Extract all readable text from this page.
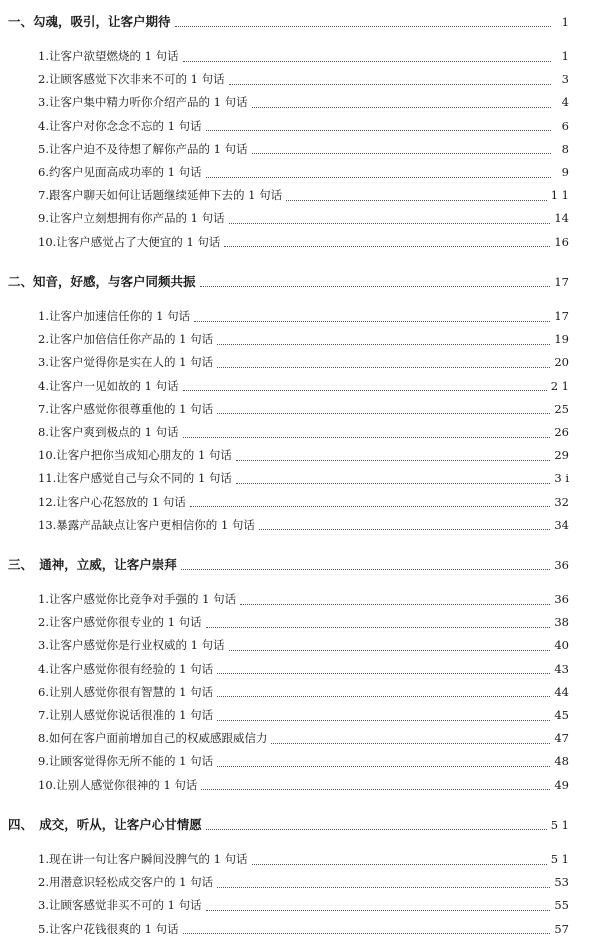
一、勾魂，吸引，让客户期待	1
1.让客户欲望燃烧的 1 句话	1
2.让顾客感觉下次非来不可的 1 句话	3
3.让客户集中精力听你介绍产品的 1 句话	4
4.让客户对你念念不忘的 1 句话	6
5.让客户迫不及待想了解你产品的 1 句话	8
6.约客户见面高成功率的 1 句话	9
7.跟客户聊天如何让话题继续延伸下去的 1 句话	1 1
9.让客户立刻想拥有你产品的 1 句话	14
10.让客户感觉占了大便宜的 1 句话	16
二、知音，好感，与客户同频共振	17
1.让客户加速信任你的 1 句话	17
2.让客户加倍信任你产品的 1 句话	19
3.让客户觉得你是实在人的 1 句话	20
4.让客户一见如故的 1 句话	2 1
7.让客户感觉你很尊重他的 1 句话	25
8.让客户爽到极点的 1 句话	26
10.让客户把你当成知心朋友的 1 句话	29
11.让客户感觉自己与众不同的 1 句话	3 i
12.让客户心花怒放的 1 句话	32
13.暴露产品缺点让客户更相信你的 1 句话	34
三、　通神，立威，让客户崇拜	36
1.让客户感觉你比竞争对手强的 1 句话	36
2.让客户感觉你很专业的 1 句话	38
3.让客户感觉你是行业权威的 1 句话	40
4.让客户感觉你很有经验的 1 句话	43
6.让别人感觉你很有智慧的 1 句话	44
7.让别人感觉你说话很准的 1 句话	45
8.如何在客户面前增加自己的权威感跟威信力	47
9.让顾客觉得你无所不能的 1 句话	48
10.让别人感觉你很神的 1 句话	49
四、　成交，听从，让客户心甘情愿	5 1
1.现在讲一句让客户瞬间没脾气的 1 句话	5 1
2.用潜意识轻松成交客户的 1 句话	53
3.让顾客感觉非买不可的 1 句话	55
5.让客户花钱很爽的 1 句话	57
